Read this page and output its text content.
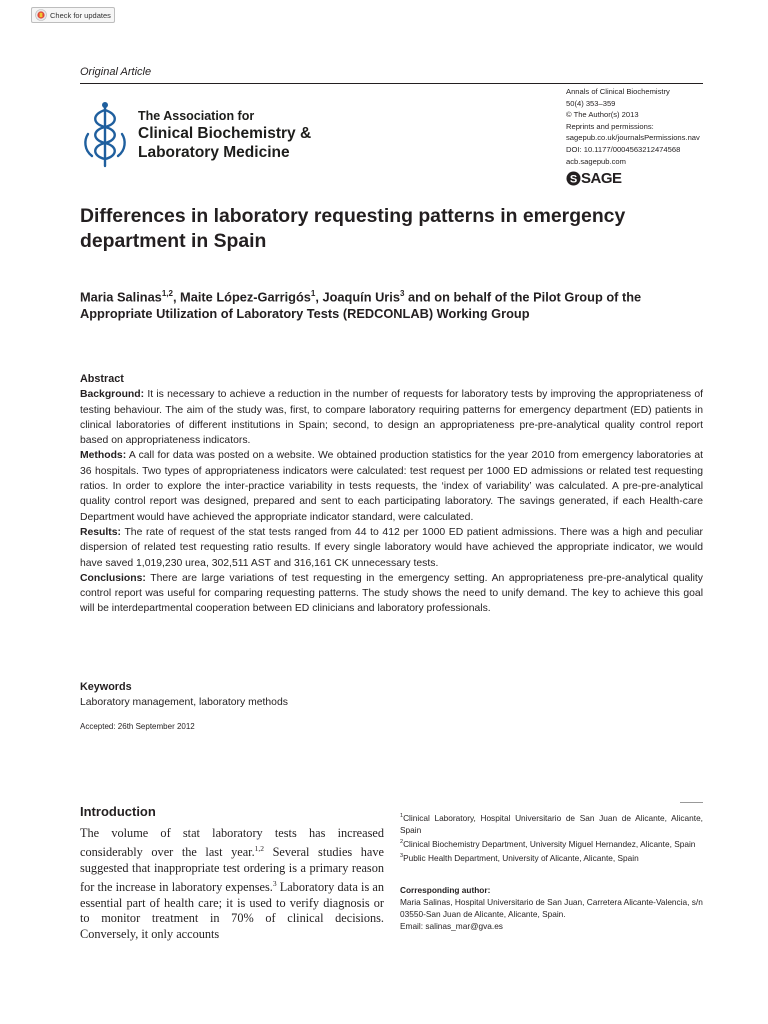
Check for updates
Original Article
The Association for
Clinical Biochemistry &
Laboratory Medicine
Annals of Clinical Biochemistry
50(4) 353–359
© The Author(s) 2013
Reprints and permissions:
sagepub.co.uk/journalsPermissions.nav
DOI: 10.1177/0004563212474568
acb.sagepub.com
S SAGE
Differences in laboratory requesting patterns in emergency department in Spain
Maria Salinas$^{1,2}$, Maite López-Garrigós$^1$, Joaquín Uris$^3$ and on behalf of the Pilot Group of the Appropriate Utilization of Laboratory Tests (REDCONLAB) Working Group
Abstract

Background: It is necessary to achieve a reduction in the number of requests for laboratory tests by improving the appropriateness of testing behaviour. The aim of the study was, first, to compare laboratory requiring patterns for emergency department (ED) patients in clinical laboratories of different institutions in Spain; second, to design an appropriateness pre-pre-analytical quality control report based on appropriateness indicators.

Methods: A call for data was posted on a website. We obtained production statistics for the year 2010 from emergency laboratories at 36 hospitals. Two types of appropriateness indicators were calculated: test request per 1000 ED admissions or related test requesting ratios. In order to explore the inter-practice variability in tests requests, the ‘index of variability’ was calculated. A pre-pre-analytical quality control report was designed, prepared and sent to each participating laboratory. The savings generated, if each Health-care Department would have achieved the appropriate indicator standard, were calculated.

Results: The rate of request of the stat tests ranged from 44 to 412 per 1000 ED patient admissions. There was a high and peculiar dispersion of related test requesting ratio results. If every single laboratory would have achieved the appropriate indicator, we would have saved 1,019,230 urea, 302,511 AST and 316,161 CK unnecessary tests.

Conclusions: There are large variations of test requesting in the emergency setting. An appropriateness pre-pre-analytical quality control report was useful for comparing requesting patterns. The study shows the need to unify demand. The key to achieve this goal will be interdepartmental cooperation between ED clinicians and laboratory professionals.

Keywords
Laboratory management, laboratory methods
Accepted: 26th September 2012
Introduction
The volume of stat laboratory tests has increased considerably over the last year.$^{1,2}$ Several studies have suggested that inappropriate test ordering is a primary reason for the increase in laboratory expenses.$^3$ Laboratory data is an essential part of health care; it is used to verify diagnosis or to monitor treatment in 70% of clinical decisions. Conversely, it only accounts

$^1$Clinical Laboratory, Hospital Universitario de San Juan de Alicante, Alicante, Spain

$^2$Clinical Biochemistry Department, University Miguel Hernandez, Alicante, Spain

$^3$Public Health Department, University of Alicante, Alicante, Spain

Corresponding author:
Maria Salinas, Hospital Universitario de San Juan, Carretera Alicante-Valencia, s/n 03550-San Juan de Alicante, Alicante, Spain.
Email: salinas_mar@gva.es
